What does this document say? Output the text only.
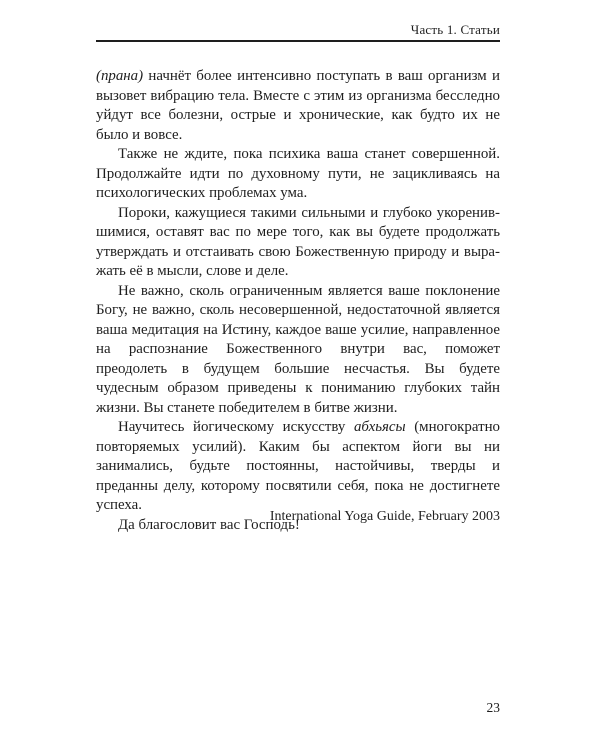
Часть 1. Статьи

(прана) начнёт более интенсивно поступать в ваш организм и вызовет вибрацию тела. Вместе с этим из организма бесследно уйдут все болезни, острые и хронические, как будто их не было и вовсе.

Также не ждите, пока психика ваша станет совершенной. Продолжайте идти по духовному пути, не зацикливаясь на психологических проблемах ума.

Пороки, кажущиеся такими сильными и глубоко укоренившимися, оставят вас по мере того, как вы будете продолжать утверждать и отстаивать свою Божественную природу и выражать её в мысли, слове и деле.

Не важно, сколь ограниченным является ваше поклонение Богу, не важно, сколь несовершенной, недостаточной является ваша медитация на Истину, каждое ваше усилие, направленное на распознание Божественного внутри вас, поможет преодолеть в будущем большие несчастья. Вы будете чудесным образом приведены к пониманию глубоких тайн жизни. Вы станете победителем в битве жизни.

Научитесь йогическому искусству абхьясы (многократно повторяемых усилий). Каким бы аспектом йоги вы ни занимались, будьте постоянны, настойчивы, тверды и преданны делу, которому посвятили себя, пока не достигнете успеха.

Да благословит вас Господь!

International Yoga Guide, February 2003
23
